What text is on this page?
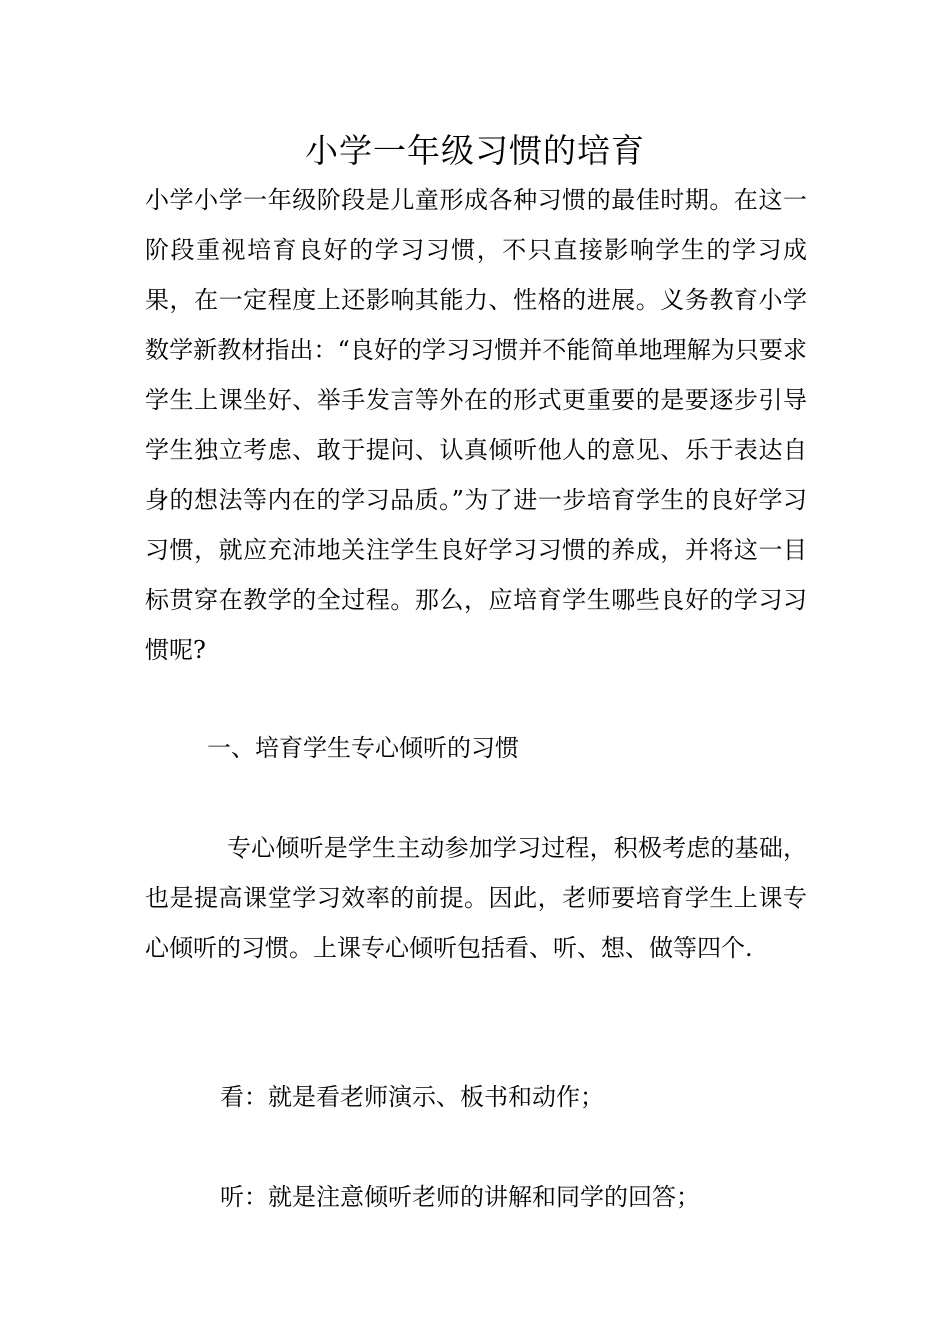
小学一年级习惯的培育

小学小学一年级阶段是儿童形成各种习惯的最佳时期。在这一阶段重视培育良好的学习习惯，不只直接影响学生的学习成果，在一定程度上还影响其能力、性格的进展。义务教育小学数学新教材指出：“良好的学习习惯并不能简单地理解为只要求学生上课坐好、举手发言等外在的形式更重要的是要逐步引导学生独立考虑、敢于提问、认真倾听他人的意见、乐于表达自身的想法等内在的学习品质。”为了进一步培育学生的良好学习习惯，就应充沛地关注学生良好学习习惯的养成，并将这一目标贯穿在教学的全过程。那么，应培育学生哪些良好的学习习惯呢?

一、培育学生专心倾听的习惯

专心倾听是学生主动参加学习过程，积极考虑的基础，也是提高课堂学习效率的前提。因此，老师要培育学生上课专心倾听的习惯。上课专心倾听包括看、听、想、做等四个.

看：就是看老师演示、板书和动作；

听：就是注意倾听老师的讲解和同学的回答；
